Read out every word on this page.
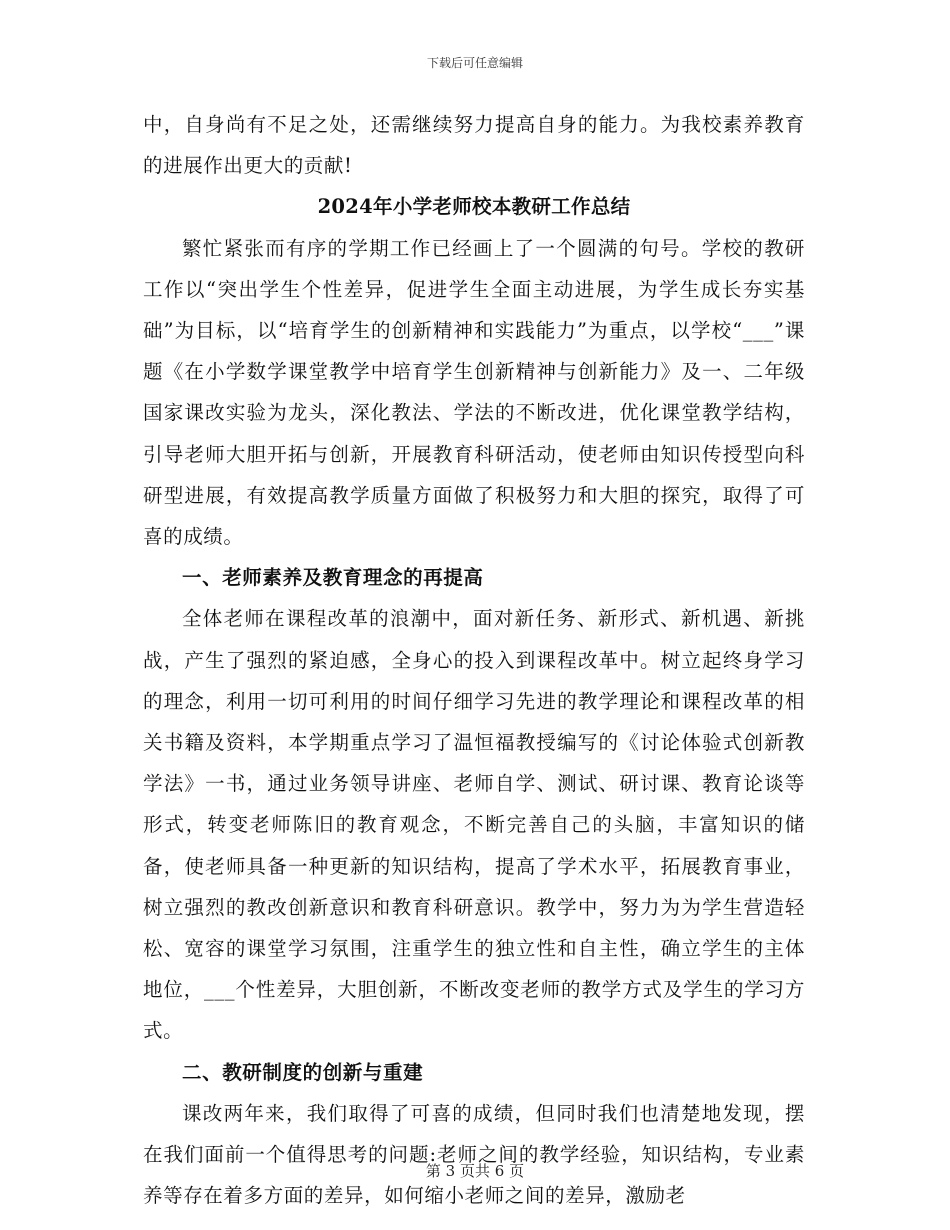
下载后可任意编辑

中，自身尚有不足之处，还需继续努力提高自身的能力。为我校素养教育的进展作出更大的贡献!

2024年小学老师校本教研工作总结

繁忙紧张而有序的学期工作已经画上了一个圆满的句号。学校的教研工作以“突出学生个性差异，促进学生全面主动进展，为学生成长夯实基础”为目标，以“培育学生的创新精神和实践能力”为重点，以学校“___”课题《在小学数学课堂教学中培育学生创新精神与创新能力》及一、二年级国家课改实验为龙头，深化教法、学法的不断改进，优化课堂教学结构，引导老师大胆开拓与创新，开展教育科研活动，使老师由知识传授型向科研型进展，有效提高教学质量方面做了积极努力和大胆的探究，取得了可喜的成绩。

一、老师素养及教育理念的再提高

全体老师在课程改革的浪潮中，面对新任务、新形式、新机遇、新挑战，产生了强烈的紧迫感，全身心的投入到课程改革中。树立起终身学习的理念，利用一切可利用的时间仔细学习先进的教学理论和课程改革的相关书籍及资料，本学期重点学习了温恒福教授编写的《讨论体验式创新教学法》一书，通过业务领导讲座、老师自学、测试、研讨课、教育论谈等形式，转变老师陈旧的教育观念，不断完善自己的头脑，丰富知识的储备，使老师具备一种更新的知识结构，提高了学术水平，拓展教育事业，树立强烈的教改创新意识和教育科研意识。教学中，努力为为学生营造轻松、宽容的课堂学习氛围，注重学生的独立性和自主性，确立学生的主体地位，___个性差异，大胆创新，不断改变老师的教学方式及学生的学习方式。

二、教研制度的创新与重建

课改两年来，我们取得了可喜的成绩，但同时我们也清楚地发现，摆在我们面前一个值得思考的问题:老师之间的教学经验，知识结构，专业素养等存在着多方面的差异，如何缩小老师之间的差异，激励老

第 3 页共 6 页
